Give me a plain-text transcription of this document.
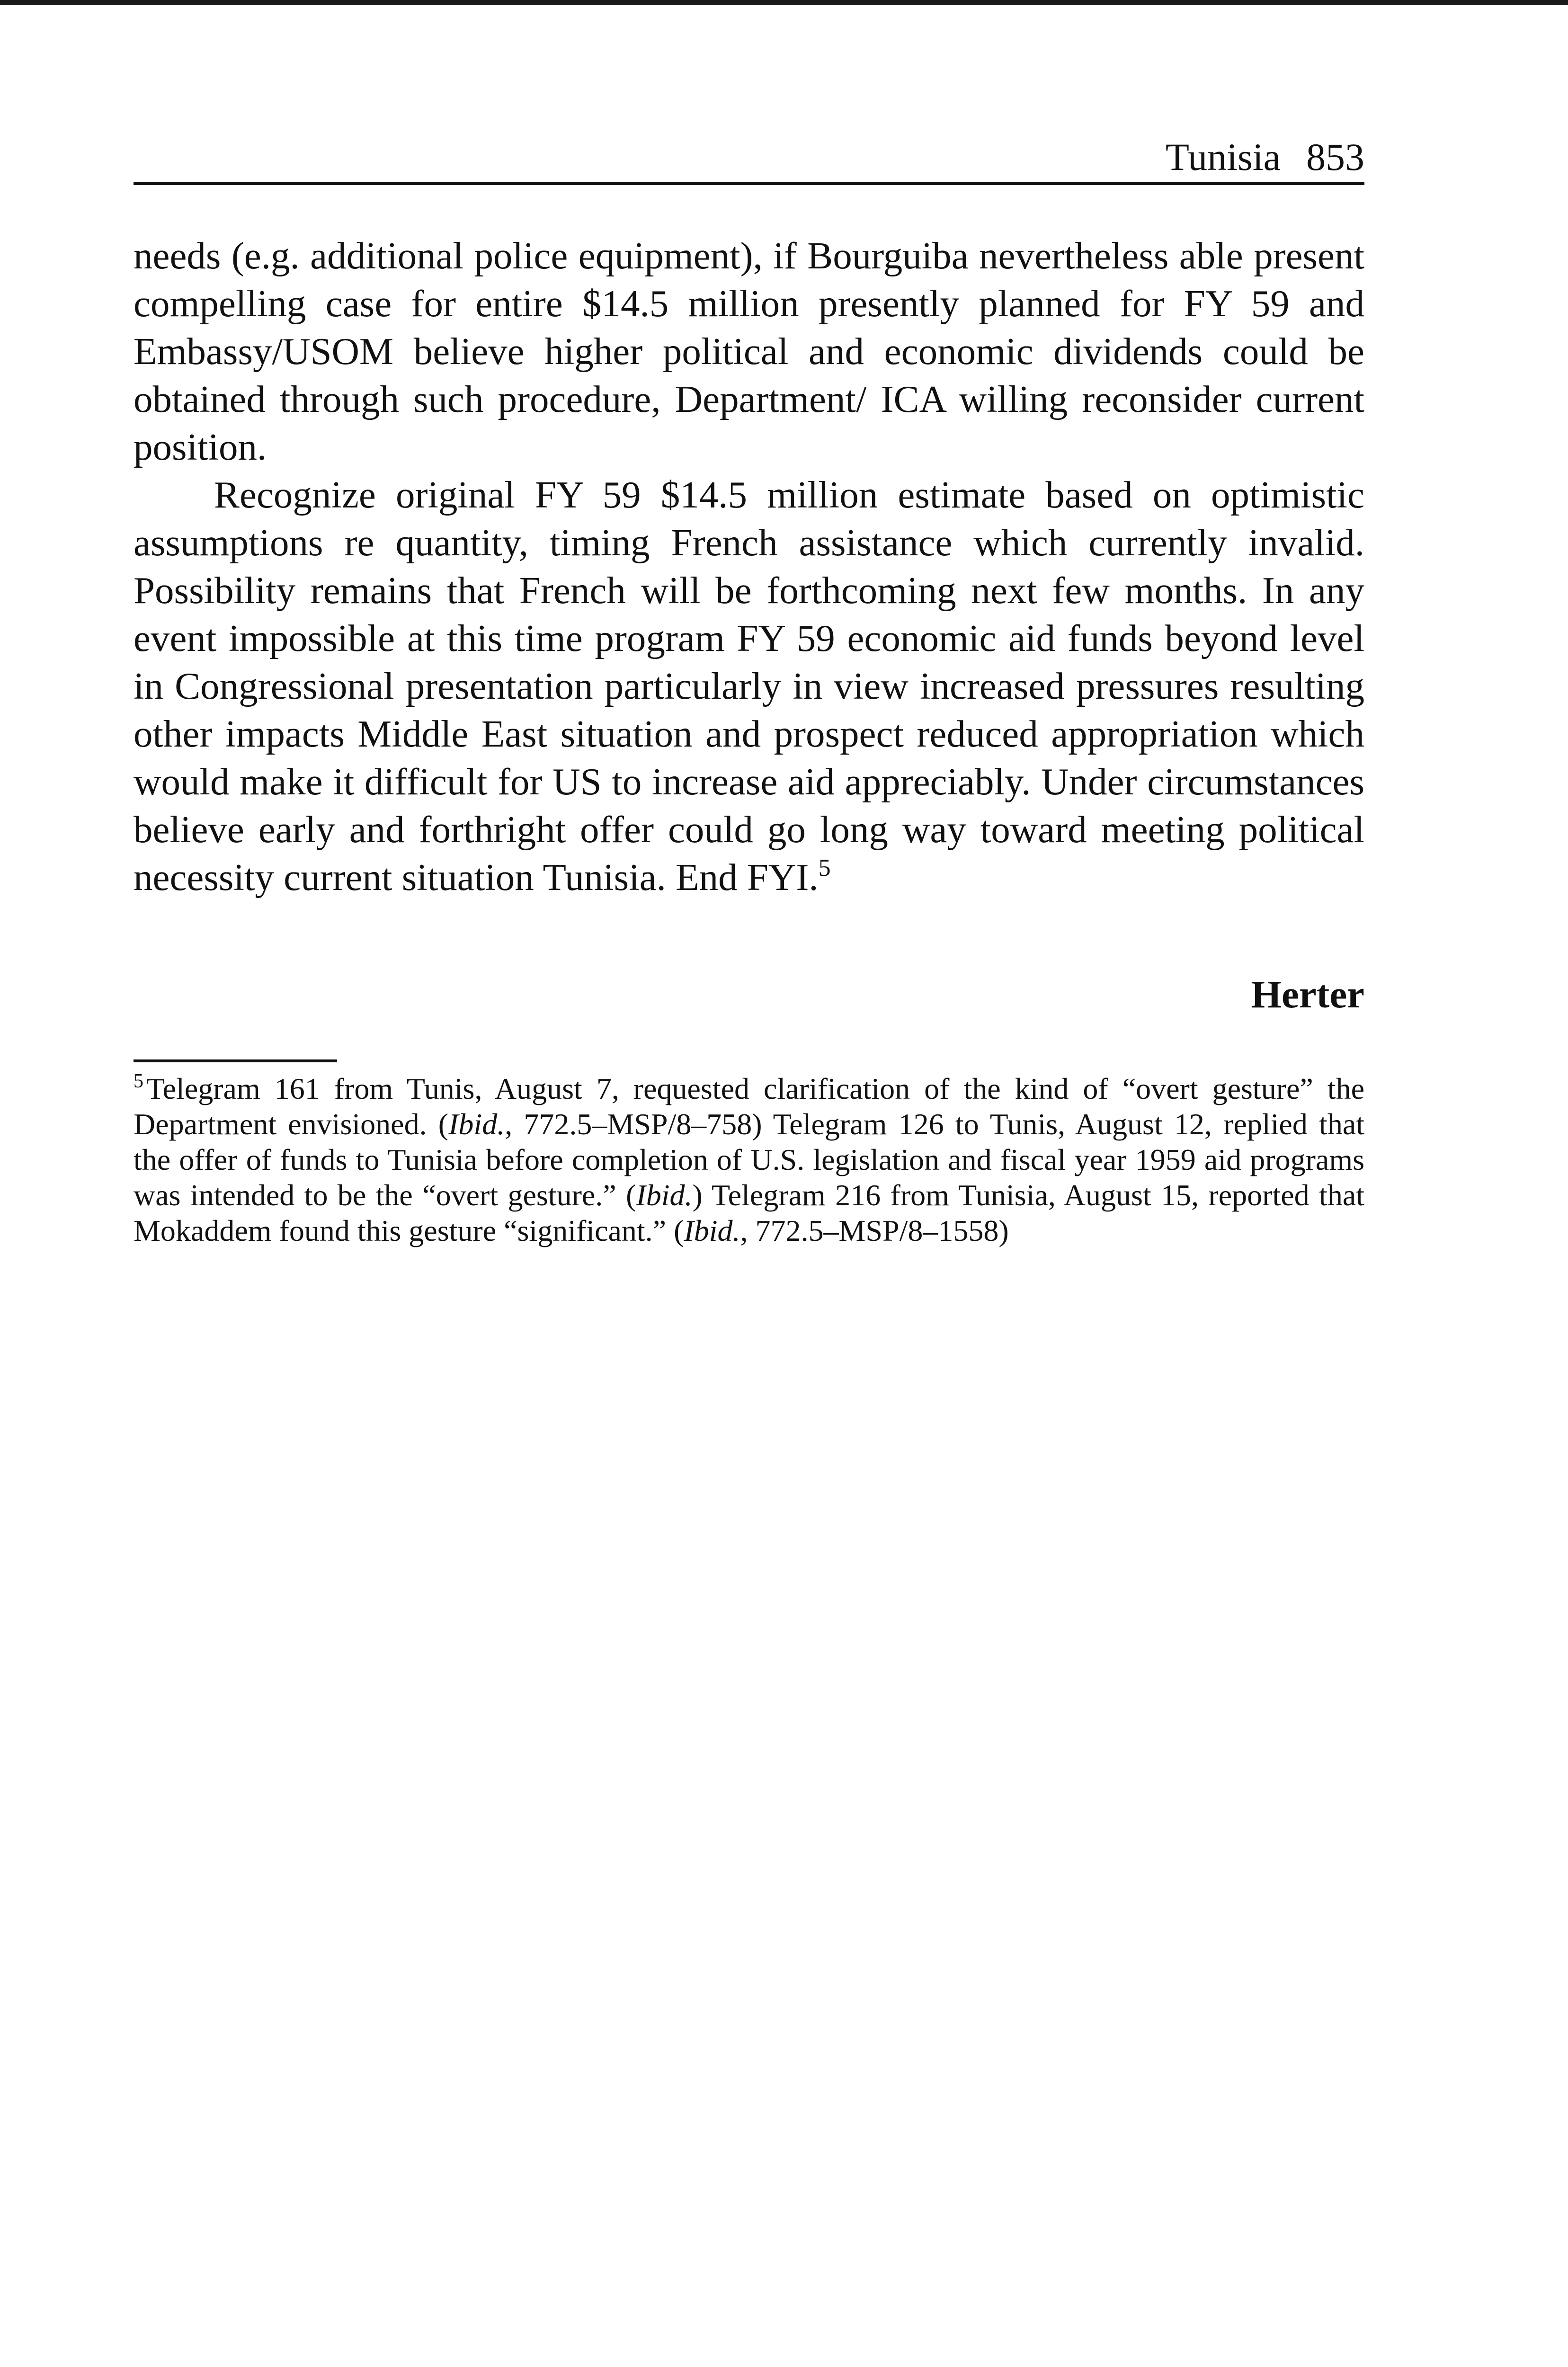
Tunisia 853

needs (e.g. additional police equipment), if Bourguiba nevertheless able present compelling case for entire $14.5 million presently planned for FY 59 and Embassy/USOM believe higher political and economic dividends could be obtained through such procedure, Department/ ICA willing reconsider current position.

Recognize original FY 59 $14.5 million estimate based on optimistic assumptions re quantity, timing French assistance which currently invalid. Possibility remains that French will be forthcoming next few months. In any event impossible at this time program FY 59 economic aid funds beyond level in Congressional presentation particularly in view increased pressures resulting other impacts Middle East situation and prospect reduced appropriation which would make it difficult for US to increase aid appreciably. Under circumstances believe early and forthright offer could go long way toward meeting political necessity current situation Tunisia. End FYI.$^5$

Herter

$^5$Telegram 161 from Tunis, August 7, requested clarification of the kind of “overt gesture” the Department envisioned. (Ibid., 772.5–MSP/8–758) Telegram 126 to Tunis, August 12, replied that the offer of funds to Tunisia before completion of U.S. legislation and fiscal year 1959 aid programs was intended to be the “overt gesture.” (Ibid.) Telegram 216 from Tunisia, August 15, reported that Mokaddem found this gesture “significant.” (Ibid., 772.5–MSP/8–1558)
